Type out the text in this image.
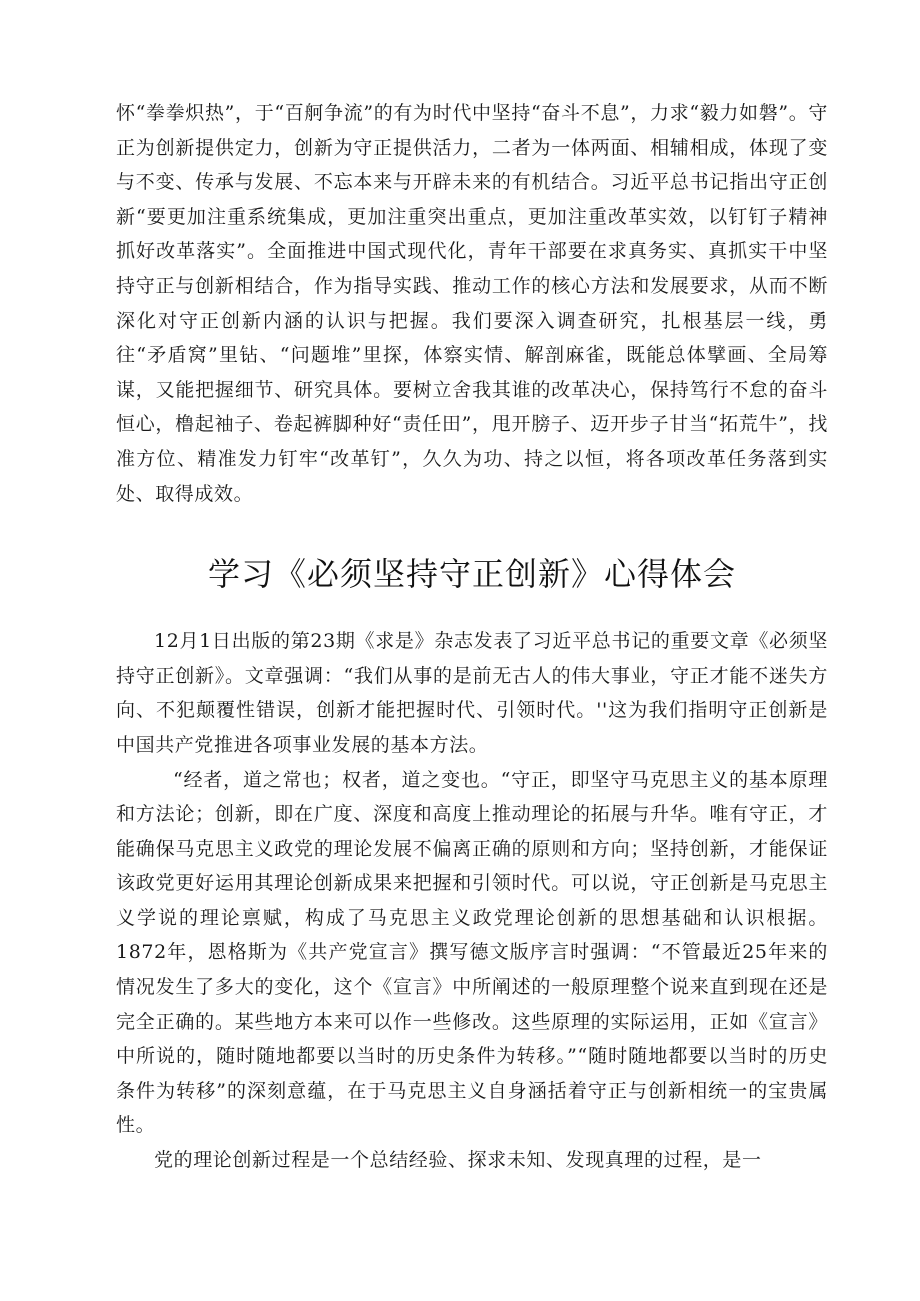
怀“拳拳炽热”，于“百舸争流”的有为时代中坚持“奋斗不息”，力求“毅力如磐”。守正为创新提供定力，创新为守正提供活力，二者为一体两面、相辅相成，体现了变与不变、传承与发展、不忘本来与开辟未来的有机结合。习近平总书记指出守正创新“要更加注重系统集成，更加注重突出重点，更加注重改革实效，以钉钉子精神抓好改革落实”。全面推进中国式现代化，青年干部要在求真务实、真抓实干中坚持守正与创新相结合，作为指导实践、推动工作的核心方法和发展要求，从而不断深化对守正创新内涵的认识与把握。我们要深入调查研究，扎根基层一线，勇往“矛盾窝”里钻、“问题堆”里探，体察实情、解剖麻雀，既能总体擘画、全局筹谋，又能把握细节、研究具体。要树立舍我其谁的改革决心，保持笃行不怠的奋斗恒心，橹起袖子、卷起裤脚种好“责任田”，甩开膀子、迈开步子甘当“拓荒牛”，找准方位、精准发力钉牢“改革钉”，久久为功、持之以恒，将各项改革任务落到实处、取得成效。

学习《必须坚持守正创新》心得体会

12月1日出版的第23期《求是》杂志发表了习近平总书记的重要文章《必须坚持守正创新》。文章强调：“我们从事的是前无古人的伟大事业，守正才能不迷失方向、不犯颠覆性错误，创新才能把握时代、引领时代。''这为我们指明守正创新是中国共产党推进各项事业发展的基本方法。

“经者，道之常也；权者，道之变也。“守正，即坚守马克思主义的基本原理和方法论；创新，即在广度、深度和高度上推动理论的拓展与升华。唯有守正，才能确保马克思主义政党的理论发展不偏离正确的原则和方向；坚持创新，才能保证该政党更好运用其理论创新成果来把握和引领时代。可以说，守正创新是马克思主义学说的理论禀赋，构成了马克思主义政党理论创新的思想基础和认识根据。1872年，恩格斯为《共产党宣言》撰写德文版序言时强调：“不管最近25年来的情况发生了多大的变化，这个《宣言》中所阐述的一般原理整个说来直到现在还是完全正确的。某些地方本来可以作一些修改。这些原理的实际运用，正如《宣言》中所说的，随时随地都要以当时的历史条件为转移。”“随时随地都要以当时的历史条件为转移”的深刻意蕴，在于马克思主义自身涵括着守正与创新相统一的宝贵属性。

党的理论创新过程是一个总结经验、探求未知、发现真理的过程，是一
